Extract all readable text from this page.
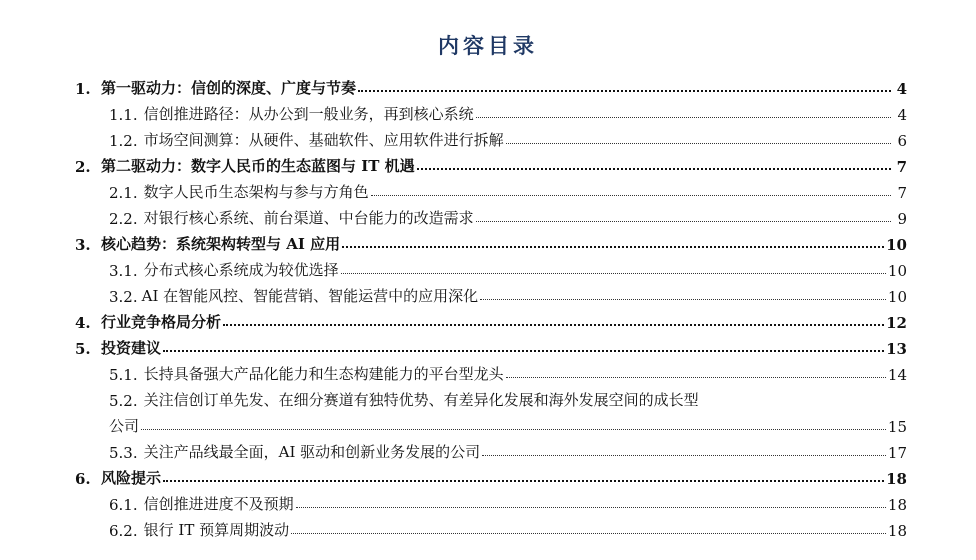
内容目录
1. 第一驱动力：信创的深度、广度与节奏	4
1.1. 信创推进路径：从办公到一般业务，再到核心系统	4
1.2. 市场空间测算：从硬件、基础软件、应用软件进行拆解	6
2. 第二驱动力：数字人民币的生态蓝图与 IT 机遇	7
2.1. 数字人民币生态架构与参与方角色	7
2.2. 对银行核心系统、前台渠道、中台能力的改造需求	9
3. 核心趋势：系统架构转型与 AI 应用	10
3.1. 分布式核心系统成为较优选择	10
3.2. AI 在智能风控、智能营销、智能运营中的应用深化	10
4. 行业竞争格局分析	12
5. 投资建议	13
5.1. 长持具备强大产品化能力和生态构建能力的平台型龙头	14
5.2. 关注信创订单先发、在细分赛道有独特优势、有差异化发展和海外发展空间的成长型
公司	15
5.3. 关注产品线最全面，AI 驱动和创新业务发展的公司	17
6. 风险提示	18
6.1. 信创推进进度不及预期	18
6.2. 银行 IT 预算周期波动	18
